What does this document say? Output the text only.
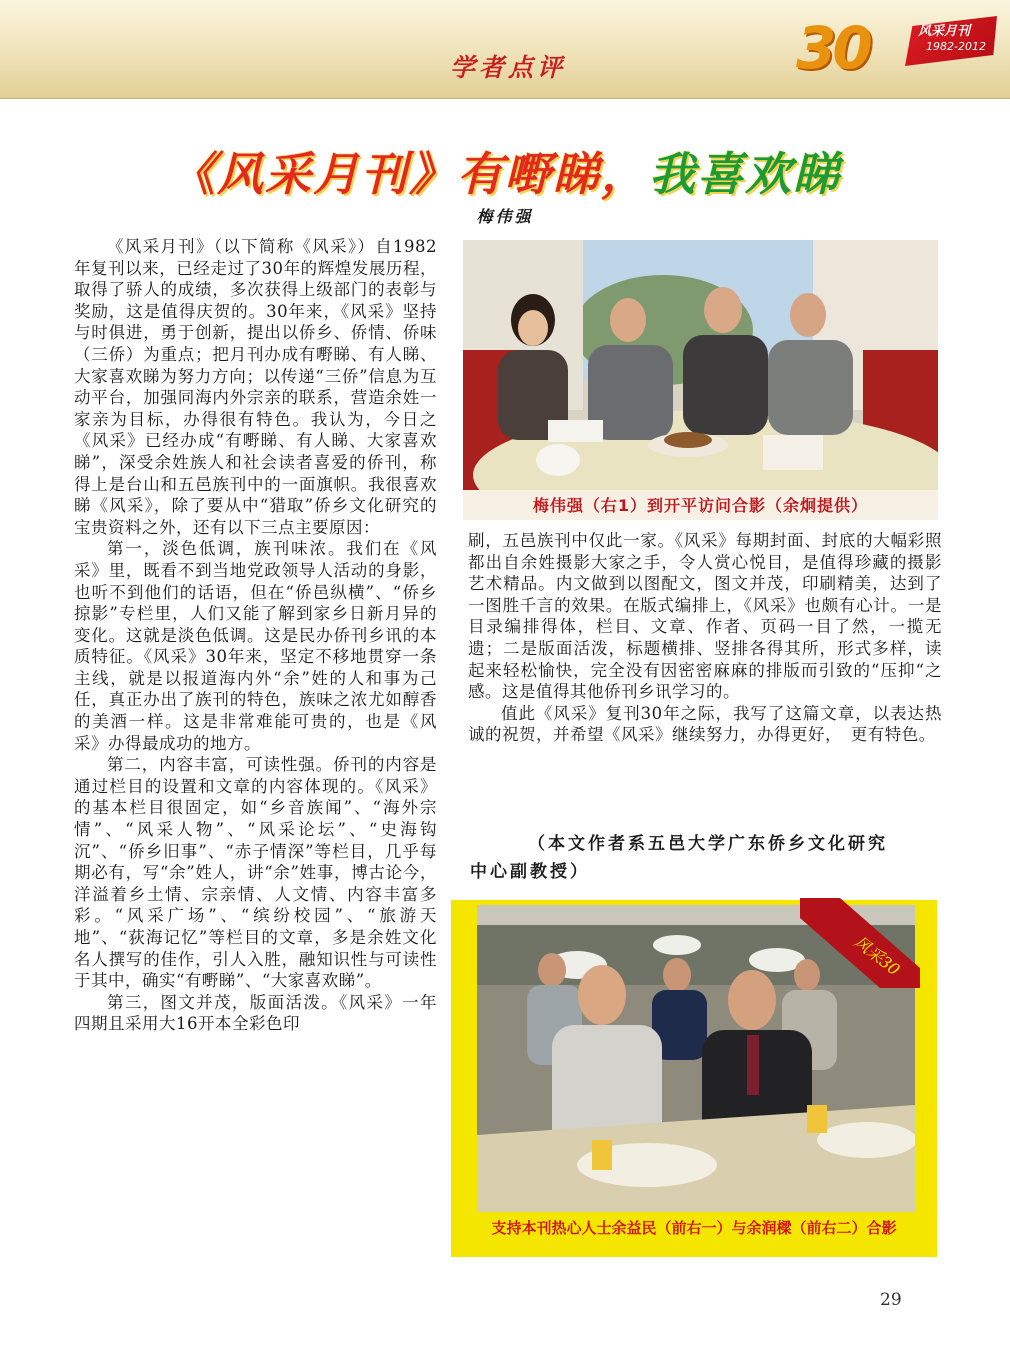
学者点评	30	风采月刊
1982-2012
《风采月刊》有嘢睇，我喜欢睇
梅伟强

《风采月刊》（以下简称《风采》）自1982年复刊以来，已经走过了30年的辉煌发展历程，取得了骄人的成绩，多次获得上级部门的表彰与奖励，这是值得庆贺的。30年来，《风采》坚持与时俱进，勇于创新，提出以侨乡、侨情、侨味（三侨）为重点；把月刊办成有嘢睇、有人睇、大家喜欢睇为努力方向；以传递“三侨”信息为互动平台，加强同海内外宗亲的联系，营造余姓一家亲为目标，办得很有特色。我认为，今日之《风采》已经办成“有嘢睇、有人睇、大家喜欢睇”，深受余姓族人和社会读者喜爱的侨刊，称得上是台山和五邑族刊中的一面旗帜。我很喜欢睇《风采》，除了要从中“猎取”侨乡文化研究的宝贵资料之外，还有以下三点主要原因：

第一，淡色低调，族刊味浓。我们在《风采》里，既看不到当地党政领导人活动的身影，也听不到他们的话语，但在“侨邑纵横”、“侨乡掠影”专栏里，人们又能了解到家乡日新月异的变化。这就是淡色低调。这是民办侨刊乡讯的本质特征。《风采》30年来，坚定不移地贯穿一条主线，就是以报道海内外“余”姓的人和事为己任，真正办出了族刊的特色，族味之浓尤如醇香的美酒一样。这是非常难能可贵的，也是《风采》办得最成功的地方。

第二，内容丰富，可读性强。侨刊的内容是通过栏目的设置和文章的内容体现的。《风采》的基本栏目很固定，如“乡音族闻”、“海外宗情”、“风采人物”、“风采论坛”、“史海钩沉”、“侨乡旧事”、“赤子情深”等栏目，几乎每期必有，写“余”姓人，讲“余”姓事，博古论今，洋溢着乡土情、宗亲情、人文情、内容丰富多彩。“风采广场”、“缤纷校园”、“旅游天地”、“荻海记忆”等栏目的文章，多是余姓文化名人撰写的佳作，引人入胜，融知识性与可读性于其中，确实“有嘢睇”、“大家喜欢睇”。

第三，图文并茂，版面活泼。《风采》一年四期且采用大16开本全彩色印

梅伟强（右1）到开平访问合影（余炯提供）

刷，五邑族刊中仅此一家。《风采》每期封面、封底的大幅彩照都出自余姓摄影大家之手，令人赏心悦目，是值得珍藏的摄影艺术精品。内文做到以图配文，图文并茂，印刷精美，达到了一图胜千言的效果。在版式编排上，《风采》也颇有心计。一是目录编排得体，栏目、文章、作者、页码一目了然，一揽无遗；二是版面活泼，标题横排、竖排各得其所，形式多样，读起来轻松愉快，完全没有因密密麻麻的排版而引致的“压抑“之感。这是值得其他侨刊乡讯学习的。

值此《风采》复刊30年之际，我写了这篇文章，以表达热诚的祝贺，并希望《风采》继续努力，办得更好，　更有特色。

（本文作者系五邑大学广东侨乡文化研究
中心副教授）
风采30
支持本刊热心人士余益民（前右一）与余润樑（前右二）合影
29
